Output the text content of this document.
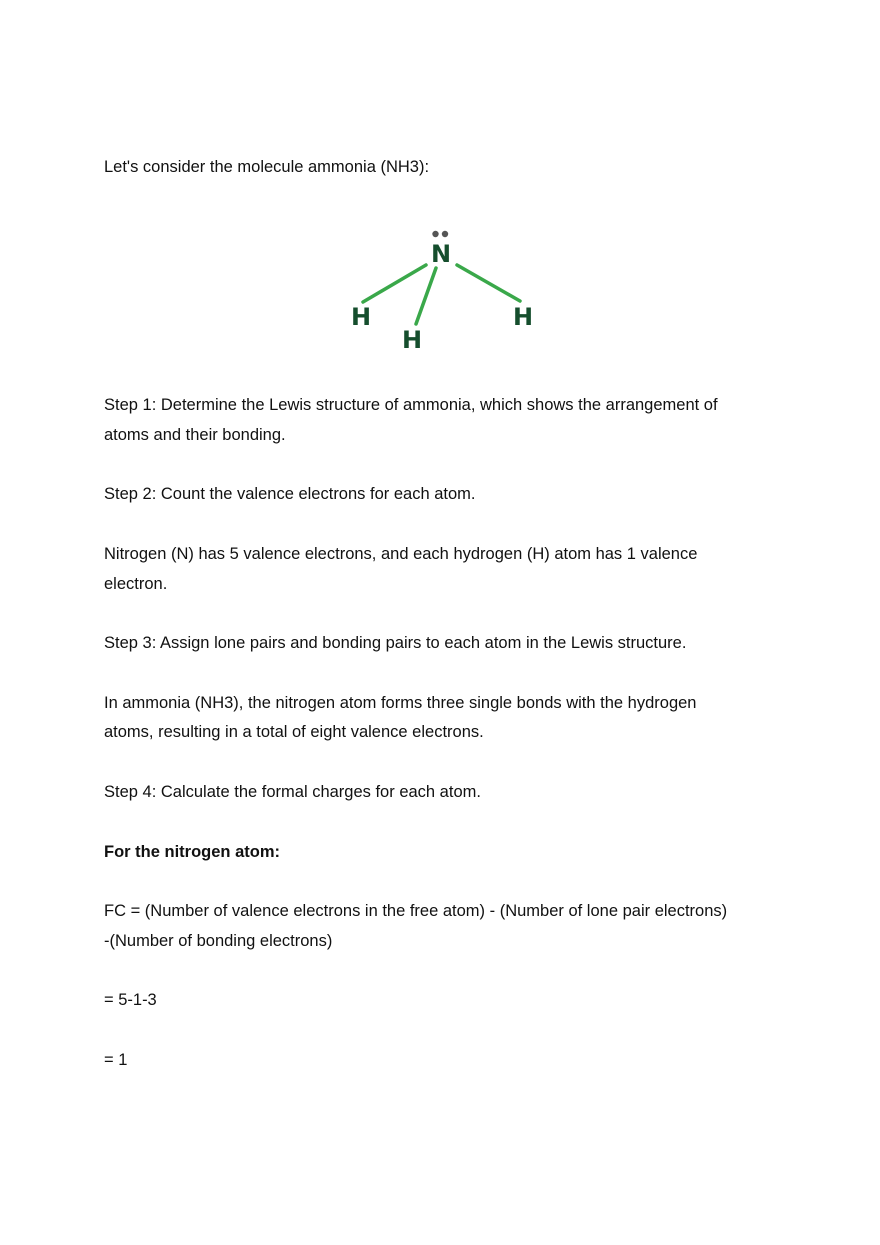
Let's consider the molecule ammonia (NH3):

N
H
H
H

Step 1: Determine the Lewis structure of ammonia, which shows the arrangement of

atoms and their bonding.

Step 2: Count the valence electrons for each atom.

Nitrogen (N) has 5 valence electrons, and each hydrogen (H) atom has 1 valence

electron.

Step 3: Assign lone pairs and bonding pairs to each atom in the Lewis structure.

In ammonia (NH3), the nitrogen atom forms three single bonds with the hydrogen

atoms, resulting in a total of eight valence electrons.

Step 4: Calculate the formal charges for each atom.

For the nitrogen atom:

FC = (Number of valence electrons in the free atom) - (Number of lone pair electrons)

-(Number of bonding electrons)

= 5-1-3

= 1
